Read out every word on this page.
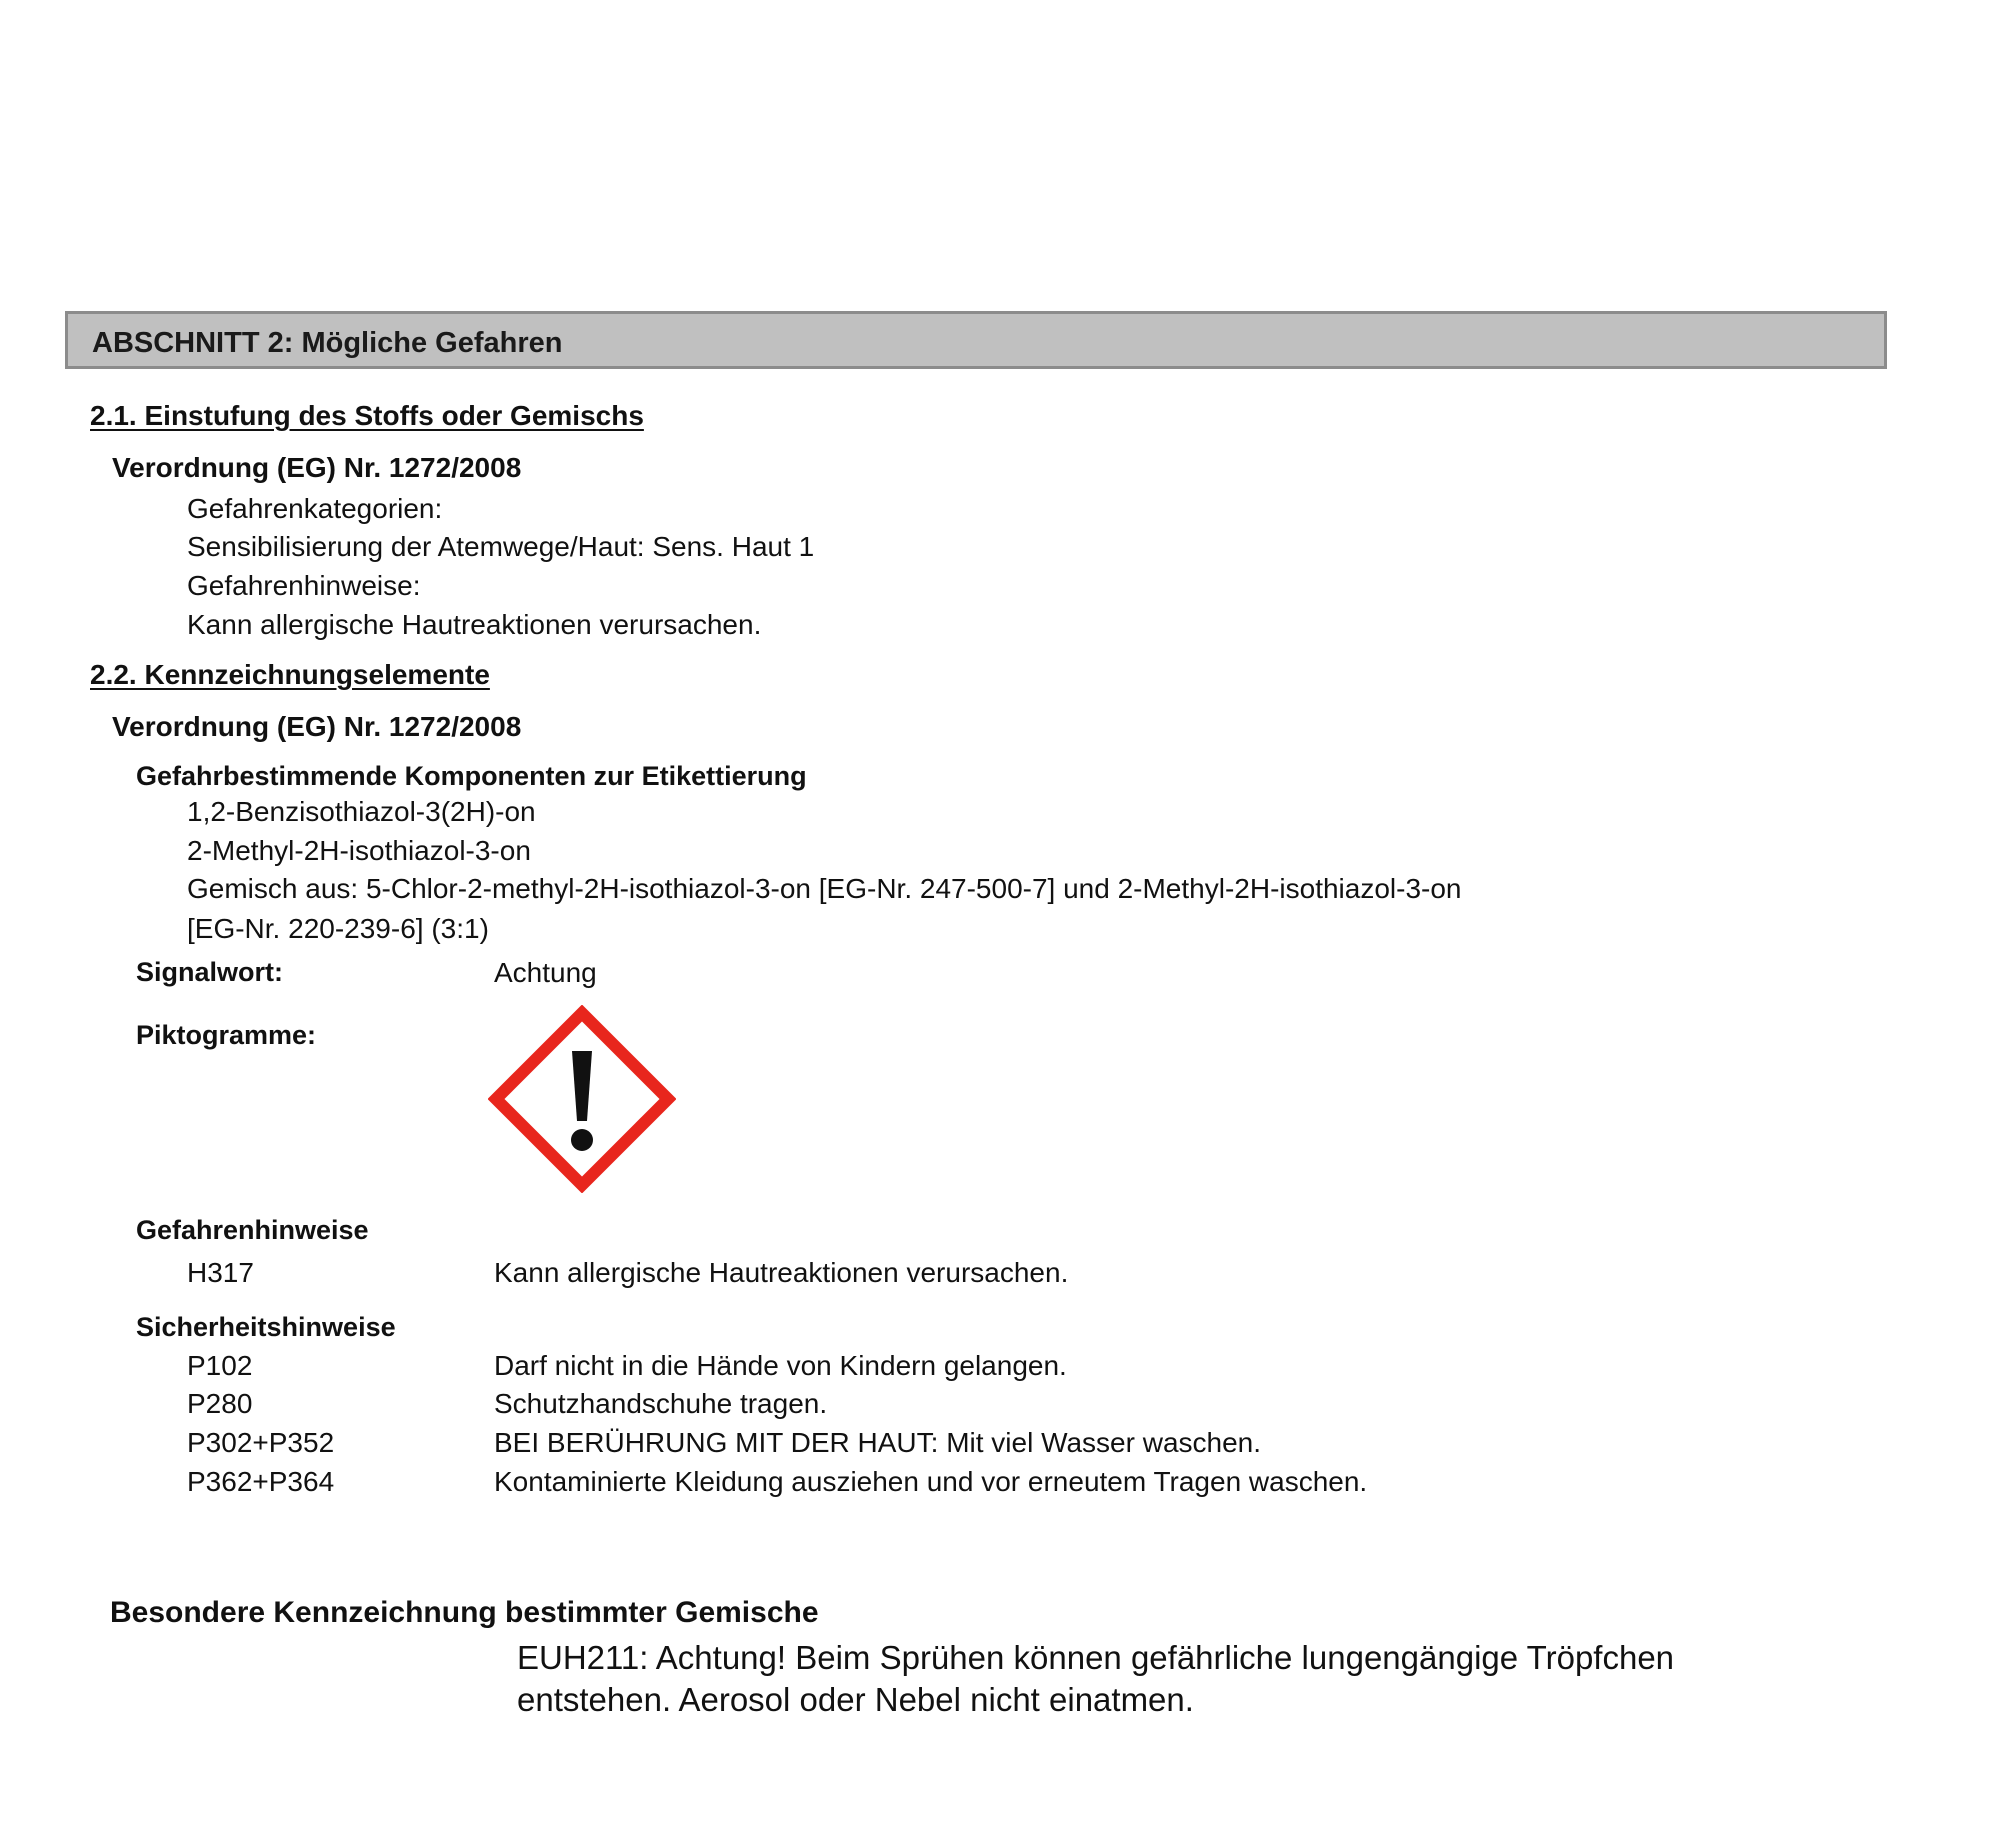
ABSCHNITT 2: Mögliche Gefahren
2.1. Einstufung des Stoffs oder Gemischs
Verordnung (EG) Nr. 1272/2008
Gefahrenkategorien:
Sensibilisierung der Atemwege/Haut: Sens. Haut 1
Gefahrenhinweise:
Kann allergische Hautreaktionen verursachen.
2.2. Kennzeichnungselemente
Verordnung (EG) Nr. 1272/2008
Gefahrbestimmende Komponenten zur Etikettierung
1,2-Benzisothiazol-3(2H)-on
2-Methyl-2H-isothiazol-3-on
Gemisch aus: 5-Chlor-2-methyl-2H-isothiazol-3-on [EG-Nr. 247-500-7] und 2-Methyl-2H-isothiazol-3-on
[EG-Nr. 220-239-6] (3:1)
Signalwort:	Achtung
Piktogramme:
Gefahrenhinweise
H317	Kann allergische Hautreaktionen verursachen.
Sicherheitshinweise
P102	Darf nicht in die Hände von Kindern gelangen.
P280	Schutzhandschuhe tragen.
P302+P352	BEI BERÜHRUNG MIT DER HAUT: Mit viel Wasser waschen.
P362+P364	Kontaminierte Kleidung ausziehen und vor erneutem Tragen waschen.
Besondere Kennzeichnung bestimmter Gemische
EUH211: Achtung! Beim Sprühen können gefährliche lungengängige Tröpfchen
entstehen. Aerosol oder Nebel nicht einatmen.
